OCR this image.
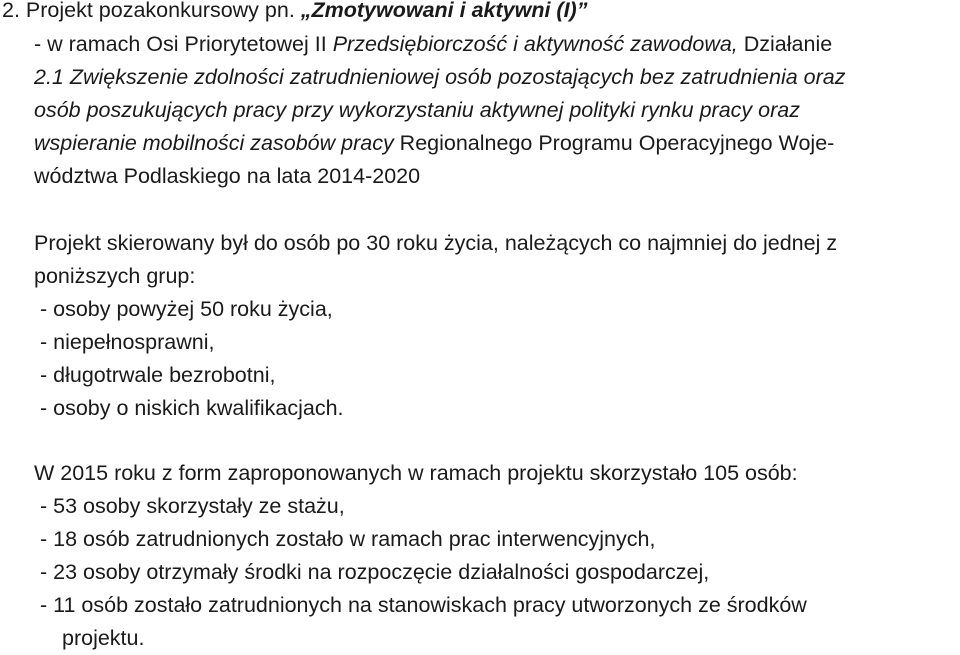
2. Projekt pozakonkursowy pn. „Zmotywowani i aktywni (I)”
- w ramach Osi Priorytetowej II Przedsiębiorczość i aktywność zawodowa, Działanie
2.1 Zwiększenie zdolności zatrudnieniowej osób pozostających bez zatrudnienia oraz
osób poszukujących pracy przy wykorzystaniu aktywnej polityki rynku pracy oraz
wspieranie mobilności zasobów pracy Regionalnego Programu Operacyjnego Woje-
wództwa Podlaskiego na lata 2014-2020
Projekt skierowany był do osób po 30 roku życia, należących co najmniej do jednej z
poniższych grup:
- osoby powyżej 50 roku życia,
- niepełnosprawni,
- długotrwale bezrobotni,
- osoby o niskich kwalifikacjach.
W 2015 roku z form zaproponowanych w ramach projektu skorzystało 105 osób:
- 53 osoby skorzystały ze stażu,
- 18 osób zatrudnionych zostało w ramach prac interwencyjnych,
- 23 osoby otrzymały środki na rozpoczęcie działalności gospodarczej,
- 11 osób zostało zatrudnionych na stanowiskach pracy utworzonych ze środków
projektu.
